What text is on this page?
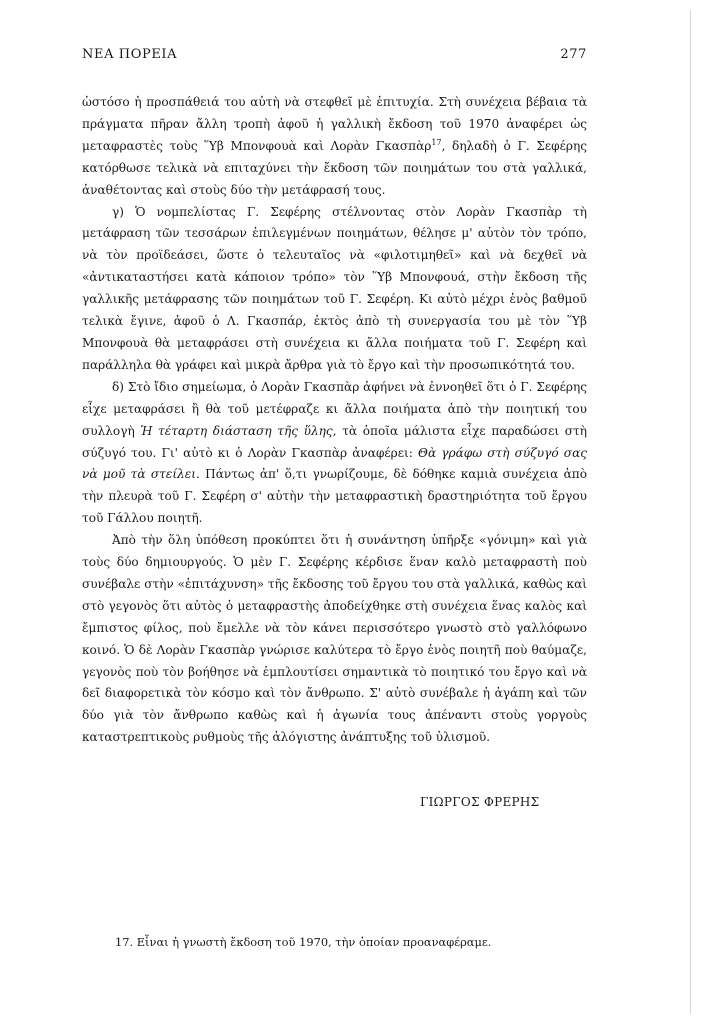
ΝΕΑ ΠΟΡΕΙΑ	277

ὡστόσο ἡ προσπάθειά του αὐτὴ νὰ στεφθεῖ μὲ ἐπιτυχία. Στὴ συνέχεια βέβαια τὰ πράγματα πῆραν ἄλλη τροπὴ ἀφοῦ ἡ γαλλικὴ ἔκδοση τοῦ 1970 ἀναφέρει ὡς μεταφραστὲς τοὺς Ὕβ Μπονφουὰ καὶ Λορὰν Γκασπὰρ$^{17}$, δηλαδὴ ὁ Γ. Σεφέρης κατόρθωσε τελικὰ νὰ επιταχύνει τὴν ἔκδοση τῶν ποιημάτων του στὰ γαλλικά, ἀναθέτοντας καὶ στοὺς δύο τὴν μετάφρασή τους.

γ) Ὁ νομπελίστας Γ. Σεφέρης στέλνοντας στὸν Λορὰν Γκασπὰρ τὴ μετάφραση τῶν τεσσάρων ἐπιλεγμένων ποιημάτων, θέλησε μ' αὐτὸν τὸν τρόπο, νὰ τὸν προϊδεάσει, ὥστε ὁ τελευταῖος νὰ «φιλοτιμηθεῖ» καὶ νὰ δεχθεῖ νὰ «ἀντικαταστήσει κατὰ κάποιον τρόπο» τὸν Ὕβ Μπονφουά, στὴν ἔκδοση τῆς γαλλικῆς μετάφρασης τῶν ποιημάτων τοῦ Γ. Σεφέρη. Κι αὐτὸ μέχρι ἑνὸς βαθμοῦ τελικὰ ἔγινε, ἀφοῦ ὁ Λ. Γκασπάρ, ἐκτὸς ἀπὸ τὴ συνεργασία του μὲ τὸν Ὕβ Μπονφουὰ θὰ μεταφράσει στὴ συνέχεια κι ἄλλα ποιήματα τοῦ Γ. Σεφέρη καὶ παράλληλα θὰ γράφει καὶ μικρὰ ἄρθρα γιὰ τὸ ἔργο καὶ τὴν προσωπικότητά του.

δ) Στὸ ἴδιο σημείωμα, ὁ Λορὰν Γκασπὰρ ἀφήνει νὰ ἐννοηθεῖ ὅτι ὁ Γ. Σεφέρης εἶχε μεταφράσει ἢ θὰ τοῦ μετέφραζε κι ἄλλα ποιήματα ἀπὸ τὴν ποιητική του συλλογὴ Ἡ τέταρτη διάσταση τῆς ὕλης, τὰ ὁποῖα μάλιστα εἶχε παραδώσει στὴ σύζυγό του. Γι' αὐτὸ κι ὁ Λορὰν Γκασπὰρ ἀναφέρει: Θὰ γράφω στὴ σύζυγό σας νὰ μοῦ τὰ στείλει. Πάντως ἀπ' ὅ,τι γνωρίζουμε, δὲ δόθηκε καμιὰ συνέχεια ἀπὸ τὴν πλευρὰ τοῦ Γ. Σεφέρη σ' αὐτὴν τὴν μεταφραστικὴ δραστηριότητα τοῦ ἔργου τοῦ Γάλλου ποιητῆ.

Ἀπὸ τὴν ὅλη ὑπόθεση προκύπτει ὅτι ἡ συνάντηση ὑπῆρξε «γόνιμη» καὶ γιὰ τοὺς δύο δημιουργούς. Ὁ μὲν Γ. Σεφέρης κέρδισε ἕναν καλὸ μεταφραστὴ ποὺ συνέβαλε στὴν «ἐπιτάχυνση» τῆς ἔκδοσης τοῦ ἔργου του στὰ γαλλικά, καθὼς καὶ στὸ γεγονὸς ὅτι αὐτὸς ὁ μεταφραστὴς ἀποδείχθηκε στὴ συνέχεια ἕνας καλὸς καὶ ἔμπιστος φίλος, ποὺ ἔμελλε νὰ τὸν κάνει περισσότερο γνωστὸ στὸ γαλλόφωνο κοινό. Ὁ δὲ Λορὰν Γκασπὰρ γνώρισε καλύτερα τὸ ἔργο ἑνὸς ποιητῆ ποὺ θαύμαζε, γεγονὸς ποὺ τὸν βοήθησε νὰ ἐμπλουτίσει σημαντικὰ τὸ ποιητικό του ἔργο καὶ νὰ δεῖ διαφορετικὰ τὸν κόσμο καὶ τὸν ἄνθρωπο. Σ' αὐτὸ συνέβαλε ἡ ἀγάπη καὶ τῶν δύο γιὰ τὸν ἄνθρωπο καθὼς καὶ ἡ ἀγωνία τους ἀπέναντι στοὺς γοργοὺς καταστρεπτικοὺς ρυθμοὺς τῆς ἀλόγιστης ἀνάπτυξης τοῦ ὑλισμοῦ.

ΓΙΩΡΓΟΣ ΦΡΕΡΗΣ
17. Εἶναι ἡ γνωστὴ ἔκδοση τοῦ 1970, τὴν ὁποίαν προαναφέραμε.
